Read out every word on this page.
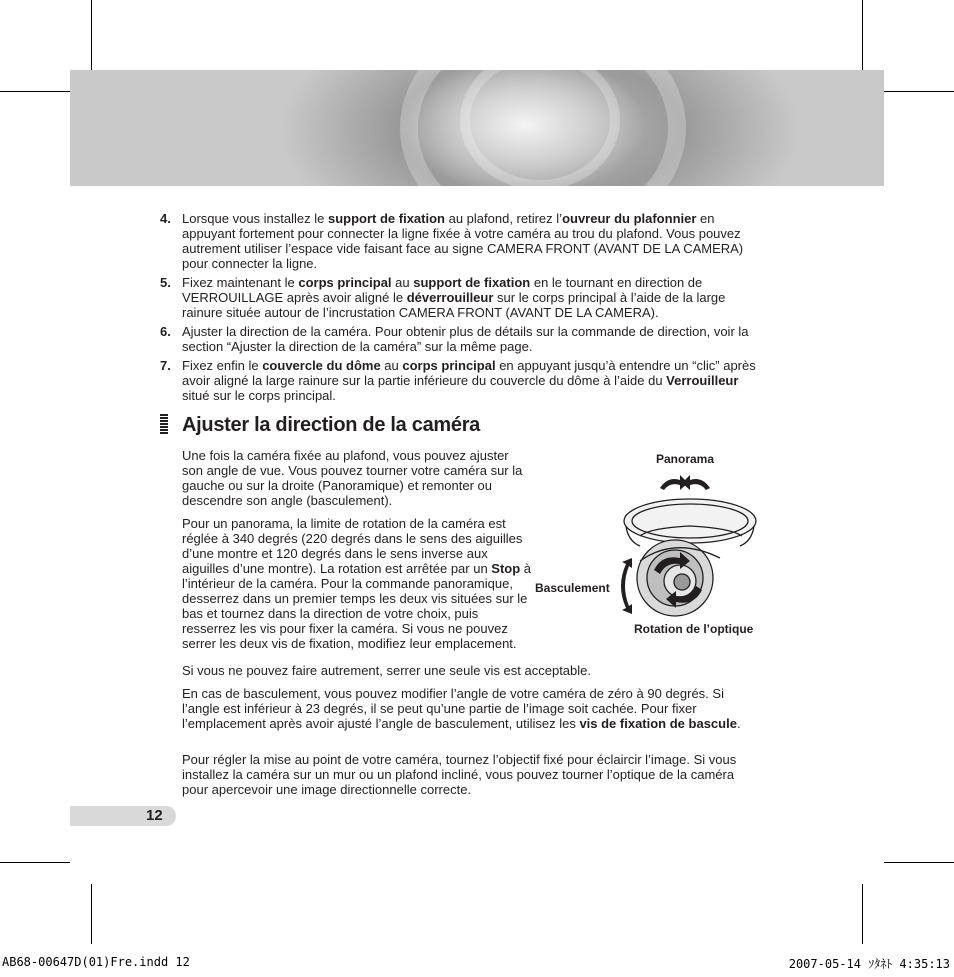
4. Lorsque vous installez le support de fixation au plafond, retirez l’ouvreur du plafonnier en appuyant fortement pour connecter la ligne fixée à votre caméra au trou du plafond. Vous pouvez autrement utiliser l’espace vide faisant face au signe CAMERA FRONT (AVANT DE LA CAMERA) pour connecter la ligne.
5. Fixez maintenant le corps principal au support de fixation en le tournant en direction de VERROUILLAGE après avoir aligné le déverrouilleur sur le corps principal à l’aide de la large rainure située autour de l’incrustation CAMERA FRONT (AVANT DE LA CAMERA).
6. Ajuster la direction de la caméra. Pour obtenir plus de détails sur la commande de direction, voir la section “Ajuster la direction de la caméra” sur la même page.
7. Fixez enfin le couvercle du dôme au corps principal en appuyant jusqu’à entendre un “clic” après avoir aligné la large rainure sur la partie inférieure du couvercle du dôme à l’aide du Verrouilleur situé sur le corps principal.
Ajuster la direction de la caméra

Une fois la caméra fixée au plafond, vous pouvez ajuster son angle de vue. Vous pouvez tourner votre caméra sur la gauche ou sur la droite (Panoramique) et remonter ou descendre son angle (basculement).

Pour un panorama, la limite de rotation de la caméra est réglée à 340 degrés (220 degrés dans le sens des aiguilles d’une montre et 120 degrés dans le sens inverse aux aiguilles d’une montre). La rotation est arrêtée par un Stop à l’intérieur de la caméra. Pour la commande panoramique, desserrez dans un premier temps les deux vis situées sur le bas et tournez dans la direction de votre choix, puis resserrez les vis pour fixer la caméra. Si vous ne pouvez serrer les deux vis de fixation, modifiez leur emplacement.

Si vous ne pouvez faire autrement, serrer une seule vis est acceptable.

En cas de basculement, vous pouvez modifier l’angle de votre caméra de zéro à 90 degrés. Si l’angle est inférieur à 23 degrés, il se peut qu’une partie de l’image soit cachée. Pour fixer l’emplacement après avoir ajusté l’angle de basculement, utilisez les vis de fixation de bascule.

Pour régler la mise au point de votre caméra, tournez l’objectif fixé pour éclaircir l’image. Si vous installez la caméra sur un mur ou un plafond incliné, vous pouvez tourner l’optique de la caméra pour apercevoir une image directionnelle correcte.

Panorama
Basculement
Rotation de l’optique
12
AB68-00647D(01)Fre.indd 12	2007-05-14 ｿﾀﾈﾄ 4:35:13
